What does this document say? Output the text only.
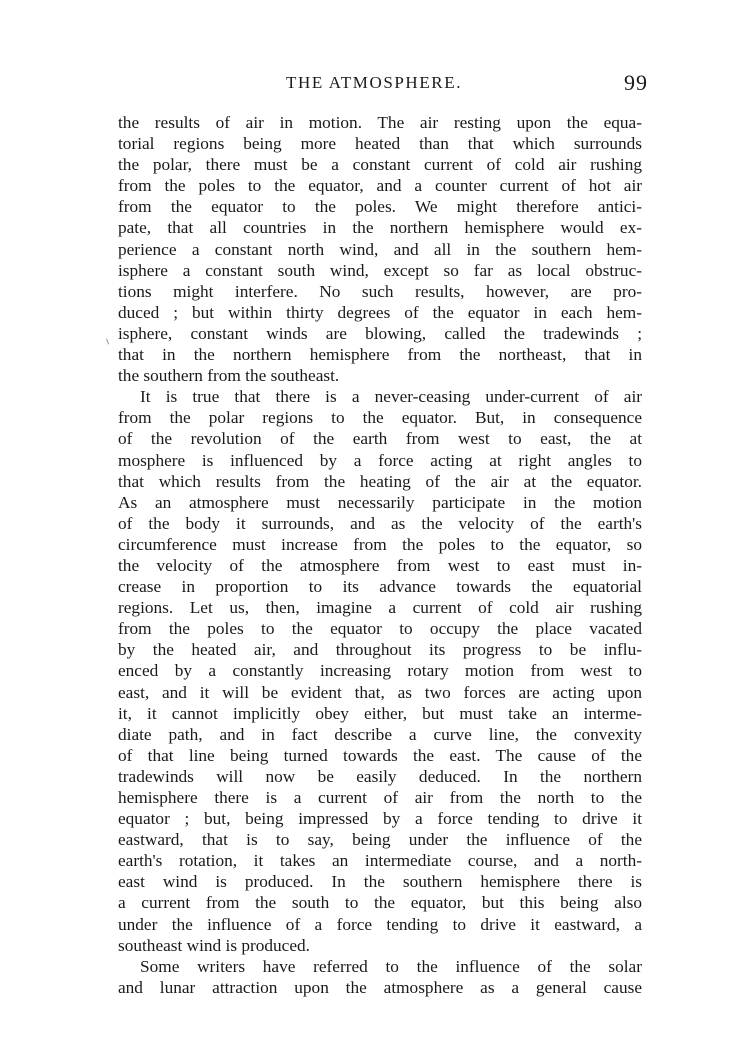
THE ATMOSPHERE.	99
the results of air in motion. The air resting upon the equa-
torial regions being more heated than that which surrounds
the polar, there must be a constant current of cold air rushing
from the poles to the equator, and a counter current of hot air
from the equator to the poles. We might therefore antici-
pate, that all countries in the northern hemisphere would ex-
perience a constant north wind, and all in the southern hem-
isphere a constant south wind, except so far as local obstruc-
tions might interfere. No such results, however, are pro-
duced ; but within thirty degrees of the equator in each hem-
isphere, constant winds are blowing, called the tradewinds ;
that in the northern hemisphere from the northeast, that in
the southern from the southeast.
It is true that there is a never-ceasing under-current of air
from the polar regions to the equator. But, in consequence
of the revolution of the earth from west to east, the at
mosphere is influenced by a force acting at right angles to
that which results from the heating of the air at the equator.
As an atmosphere must necessarily participate in the motion
of the body it surrounds, and as the velocity of the earth's
circumference must increase from the poles to the equator, so
the velocity of the atmosphere from west to east must in-
crease in proportion to its advance towards the equatorial
regions. Let us, then, imagine a current of cold air rushing
from the poles to the equator to occupy the place vacated
by the heated air, and throughout its progress to be influ-
enced by a constantly increasing rotary motion from west to
east, and it will be evident that, as two forces are acting upon
it, it cannot implicitly obey either, but must take an interme-
diate path, and in fact describe a curve line, the convexity
of that line being turned towards the east. The cause of the
tradewinds will now be easily deduced. In the northern
hemisphere there is a current of air from the north to the
equator ; but, being impressed by a force tending to drive it
eastward, that is to say, being under the influence of the
earth's rotation, it takes an intermediate course, and a north-
east wind is produced. In the southern hemisphere there is
a current from the south to the equator, but this being also
under the influence of a force tending to drive it eastward, a
southeast wind is produced.
Some writers have referred to the influence of the solar
and lunar attraction upon the atmosphere as a general cause
